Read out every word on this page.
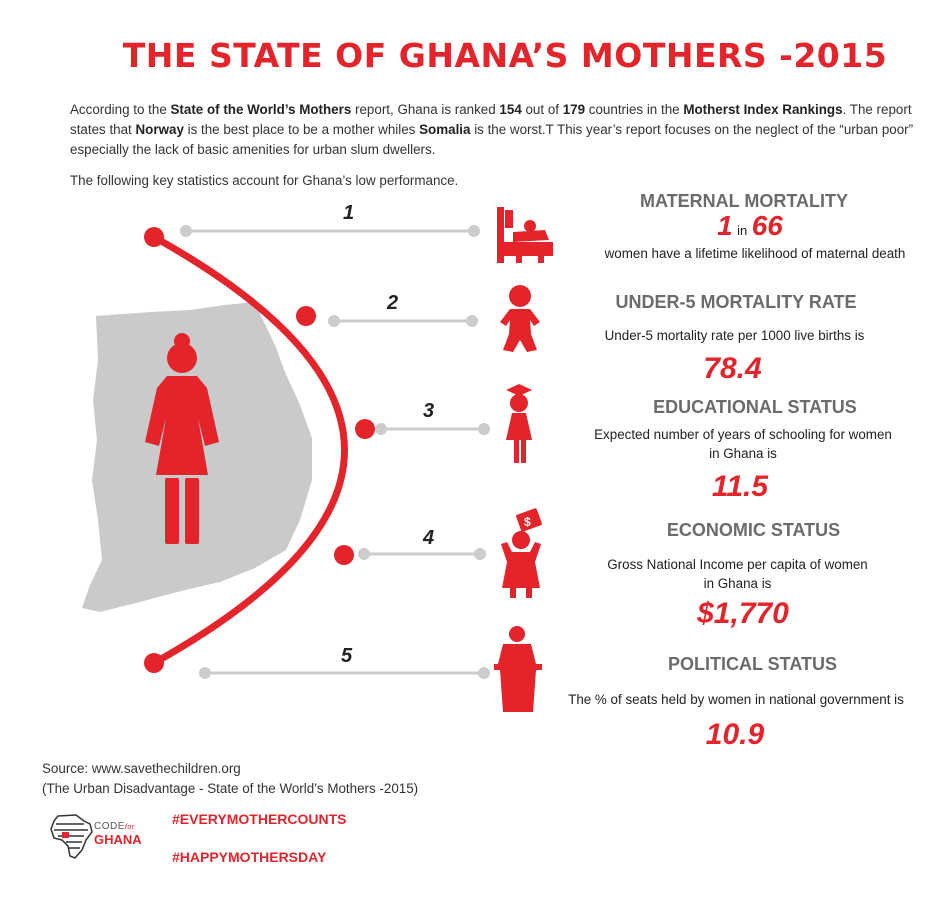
THE STATE OF GHANA’S MOTHERS -2015
According to the State of the World’s Mothers report, Ghana is ranked 154 out of 179 countries in the Motherst Index Rankings. The report states that Norway is the best place to be a mother whiles Somalia is the worst.T This year’s report focuses on the neglect of the “urban poor” especially the lack of basic amenities for urban slum dwellers.
The following key statistics account for Ghana’s low performance.
$
MATERNAL MORTALITY
1 in 66
women have a lifetime likelihood of maternal death
UNDER-5 MORTALITY RATE
Under-5 mortality rate per 1000 live births is
78.4
EDUCATIONAL STATUS
Expected number of years of schooling for women
in Ghana is
11.5
ECONOMIC STATUS
Gross National Income per capita of women
in Ghana is
$1,770
POLITICAL STATUS
The % of seats held by women in national government is
10.9
Source: www.savethechildren.org
(The Urban Disadvantage - State of the World’s Mothers -2015)
CODEfor
GHANA
#EVERYMOTHERCOUNTS
#HAPPYMOTHERSDAY
1
2
3
4
5
